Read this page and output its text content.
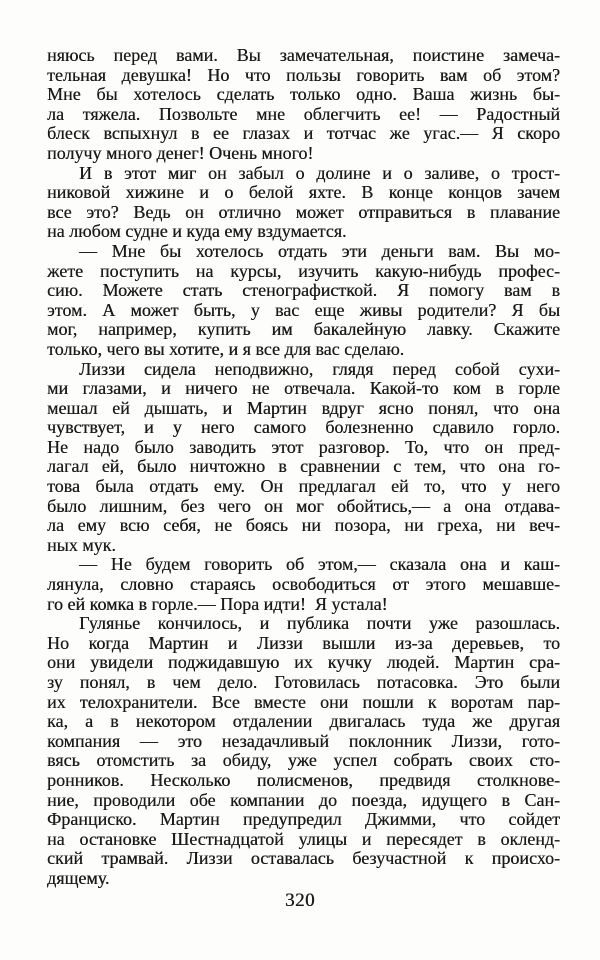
няюсь перед вами. Вы замечательная, поистине замеча-
тельная девушка! Но что пользы говорить вам об этом?
Мне бы хотелось сделать только одно. Ваша жизнь бы-
ла тяжела. Позвольте мне облегчить ее! — Радостный
блеск вспыхнул в ее глазах и тотчас же угас.— Я скоро
получу много денег! Очень много!
И в этот миг он забыл о долине и о заливе, о трост-
никовой хижине и о белой яхте. В конце концов зачем
все это? Ведь он отлично может отправиться в плавание
на любом судне и куда ему вздумается.
— Мне бы хотелось отдать эти деньги вам. Вы мо-
жете поступить на курсы, изучить какую-нибудь профес-
сию. Можете стать стенографисткой. Я помогу вам в
этом. А может быть, у вас еще живы родители? Я бы
мог, например, купить им бакалейную лавку. Скажите
только, чего вы хотите, и я все для вас сделаю.
Лиззи сидела неподвижно, глядя перед собой сухи-
ми глазами, и ничего не отвечала. Какой-то ком в горле
мешал ей дышать, и Мартин вдруг ясно понял, что она
чувствует, и у него самого болезненно сдавило горло.
Не надо было заводить этот разговор. То, что он пред-
лагал ей, было ничтожно в сравнении с тем, что она го-
това была отдать ему. Он предлагал ей то, что у него
было лишним, без чего он мог обойтись,— а она отдава-
ла ему всю себя, не боясь ни позора, ни греха, ни веч-
ных мук.
— Не будем говорить об этом,— сказала она и каш-
лянула, словно стараясь освободиться от этого мешавше-
го ей комка в горле.— Пора идти!  Я устала!
Гулянье кончилось, и публика почти уже разошлась.
Но когда Мартин и Лиззи вышли из-за деревьев, то
они увидели поджидавшую их кучку людей. Мартин сра-
зу понял, в чем дело. Готовилась потасовка. Это были
их телохранители. Все вместе они пошли к воротам пар-
ка, а в некотором отдалении двигалась туда же другая
компания — это незадачливый поклонник Лиззи, гото-
вясь отомстить за обиду, уже успел собрать своих сто-
ронников. Несколько полисменов, предвидя столкнове-
ние, проводили обе компании до поезда, идущего в Сан-
Франциско. Мартин предупредил Джимми, что сойдет
на остановке Шестнадцатой улицы и пересядет в окленд-
ский трамвай. Лиззи оставалась безучастной к происхо-
дящему.
320
